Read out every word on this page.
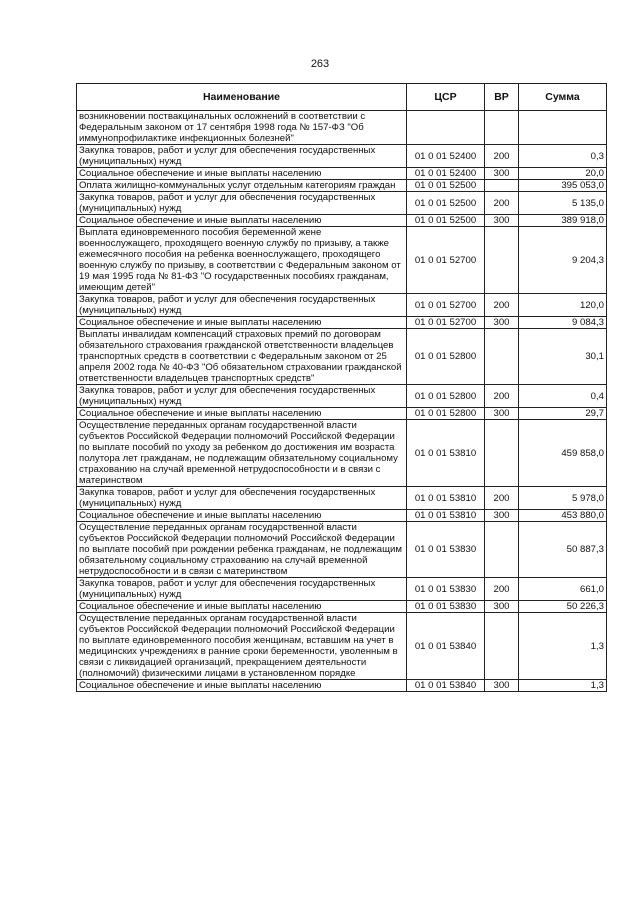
263
Наименование	ЦСР	ВР	Сумма
возникновении поствакцинальных осложнений в соответствии с Федеральным законом от 17 сентября 1998 года № 157-ФЗ "Об иммунопрофилактике инфекционных болезней"			
Закупка товаров, работ и услуг для обеспечения государственных (муниципальных) нужд	01 0 01 52400	200	0,3
Социальное обеспечение и иные выплаты населению	01 0 01 52400	300	20,0
Оплата жилищно-коммунальных услуг отдельным категориям граждан	01 0 01 52500		395 053,0
Закупка товаров, работ и услуг для обеспечения государственных (муниципальных) нужд	01 0 01 52500	200	5 135,0
Социальное обеспечение и иные выплаты населению	01 0 01 52500	300	389 918,0
Выплата единовременного пособия беременной жене военнослужащего, проходящего военную службу по призыву, а также ежемесячного пособия на ребенка военнослужащего, проходящего военную службу по призыву, в соответствии с Федеральным законом от 19 мая 1995 года № 81-ФЗ "О государственных пособиях гражданам, имеющим детей"	01 0 01 52700		9 204,3
Закупка товаров, работ и услуг для обеспечения государственных (муниципальных) нужд	01 0 01 52700	200	120,0
Социальное обеспечение и иные выплаты населению	01 0 01 52700	300	9 084,3
Выплаты инвалидам компенсаций страховых премий по договорам обязательного страхования гражданской ответственности владельцев транспортных средств в соответствии с Федеральным законом от 25 апреля 2002 года № 40-ФЗ "Об обязательном страховании гражданской ответственности владельцев транспортных средств"	01 0 01 52800		30,1
Закупка товаров, работ и услуг для обеспечения государственных (муниципальных) нужд	01 0 01 52800	200	0,4
Социальное обеспечение и иные выплаты населению	01 0 01 52800	300	29,7
Осуществление переданных органам государственной власти субъектов Российской Федерации полномочий Российской Федерации по выплате пособий по уходу за ребенком до достижения им возраста полутора лет гражданам, не подлежащим обязательному социальному страхованию на случай временной нетрудоспособности и в связи с материнством	01 0 01 53810		459 858,0
Закупка товаров, работ и услуг для обеспечения государственных (муниципальных) нужд	01 0 01 53810	200	5 978,0
Социальное обеспечение и иные выплаты населению	01 0 01 53810	300	453 880,0
Осуществление переданных органам государственной власти субъектов Российской Федерации полномочий Российской Федерации по выплате пособий при рождении ребенка гражданам, не подлежащим обязательному социальному страхованию на случай временной нетрудоспособности и в связи с материнством	01 0 01 53830		50 887,3
Закупка товаров, работ и услуг для обеспечения государственных (муниципальных) нужд	01 0 01 53830	200	661,0
Социальное обеспечение и иные выплаты населению	01 0 01 53830	300	50 226,3
Осуществление переданных органам государственной власти субъектов Российской Федерации полномочий Российской Федерации по выплате единовременного пособия женщинам, вставшим на учет в медицинских учреждениях в ранние сроки беременности, уволенным в связи с ликвидацией организаций, прекращением деятельности (полномочий) физическими лицами в установленном порядке	01 0 01 53840		1,3
Социальное обеспечение и иные выплаты населению	01 0 01 53840	300	1,3
